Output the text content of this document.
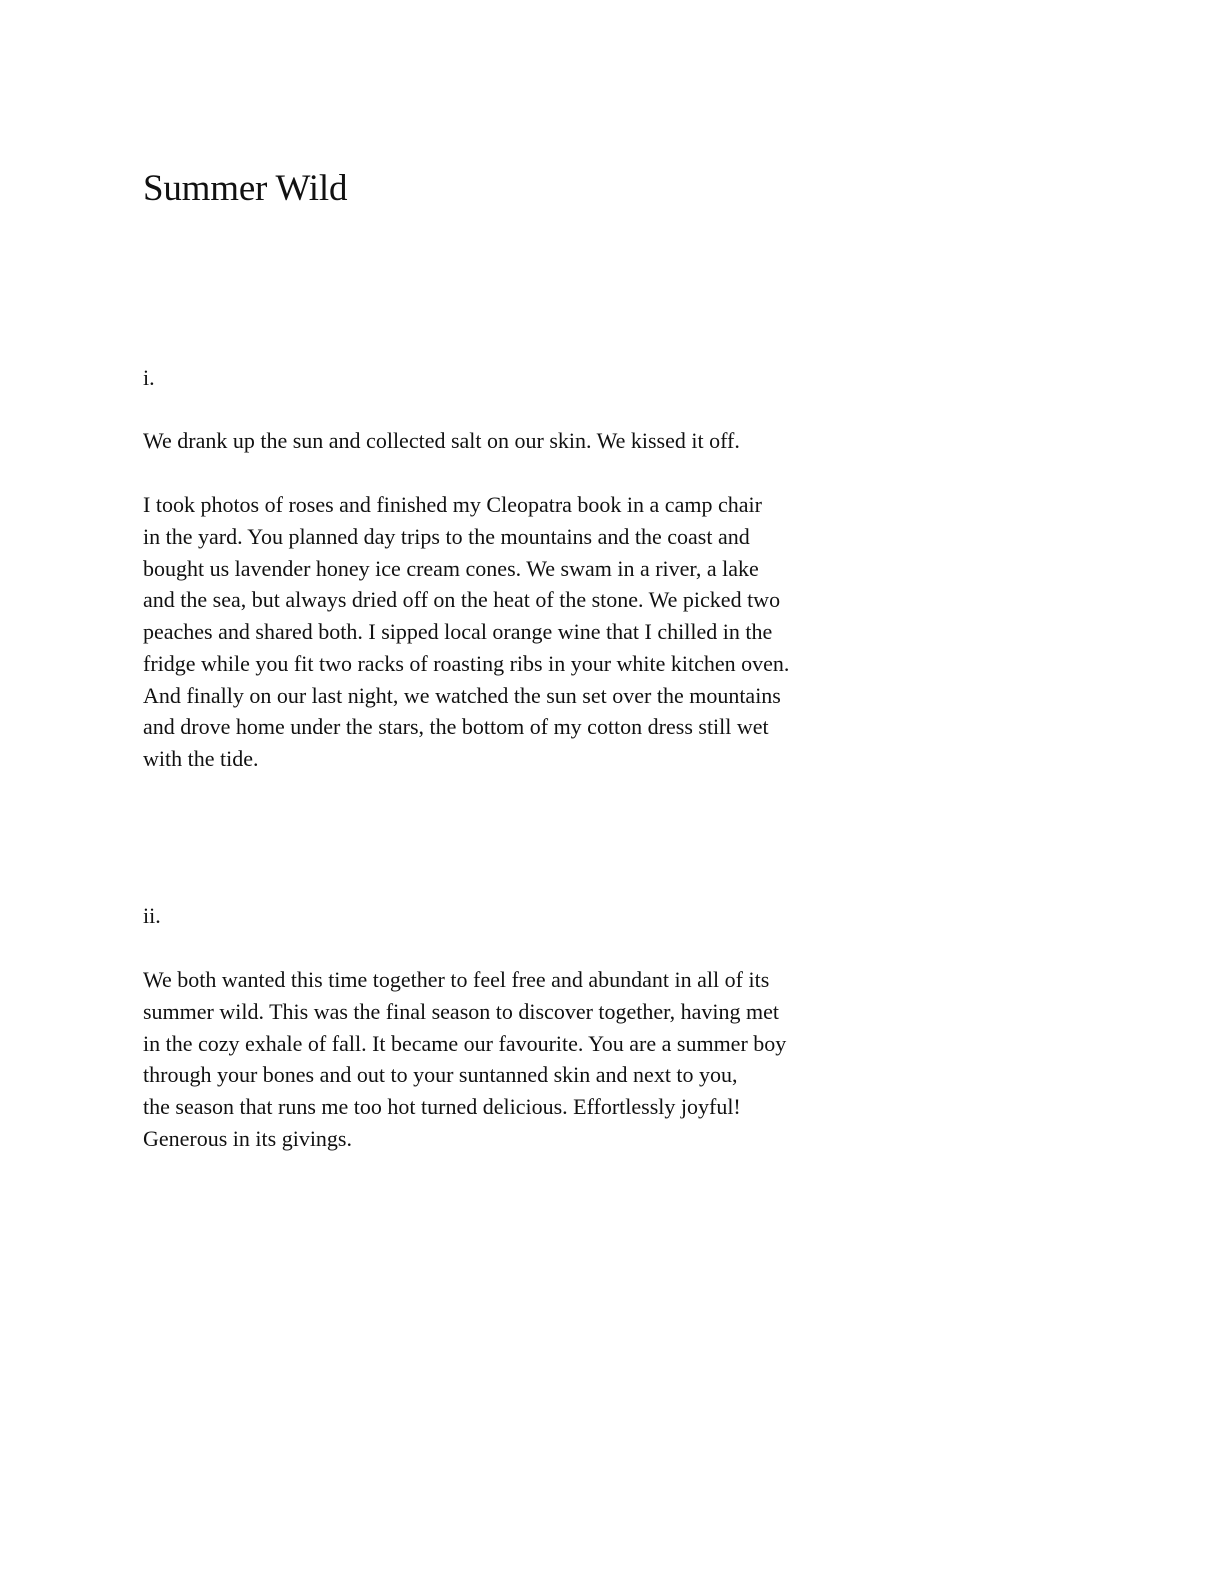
Summer Wild
i.

We drank up the sun and collected salt on our skin. We kissed it off.

I took photos of roses and finished my Cleopatra book in a camp chair
in the yard. You planned day trips to the mountains and the coast and
bought us lavender honey ice cream cones. We swam in a river, a lake
and the sea, but always dried off on the heat of the stone. We picked two
peaches and shared both. I sipped local orange wine that I chilled in the
fridge while you fit two racks of roasting ribs in your white kitchen oven.
And finally on our last night, we watched the sun set over the mountains
and drove home under the stars, the bottom of my cotton dress still wet
with the tide.

ii.

We both wanted this time together to feel free and abundant in all of its
summer wild. This was the final season to discover together, having met
in the cozy exhale of fall. It became our favourite. You are a summer boy
through your bones and out to your suntanned skin and next to you,
the season that runs me too hot turned delicious. Effortlessly joyful!
Generous in its givings.
